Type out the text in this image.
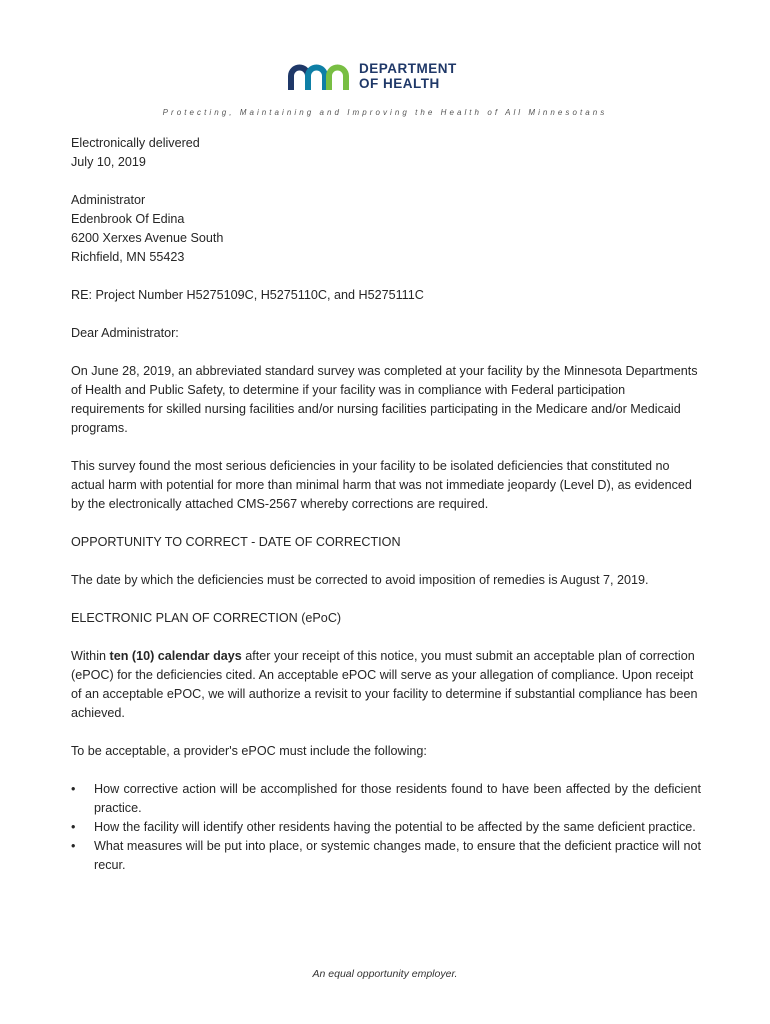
DEPARTMENT
OF HEALTH
Protecting, Maintaining and Improving the Health of All Minnesotans

Electronically delivered

July 10, 2019

Administrator

Edenbrook Of Edina

6200 Xerxes Avenue South

Richfield, MN 55423

RE: Project Number H5275109C, H5275110C, and H5275111C

Dear Administrator:

On June 28, 2019, an abbreviated standard survey was completed at your facility by the Minnesota Departments of Health and Public Safety, to determine if your facility was in compliance with Federal participation requirements for skilled nursing facilities and/or nursing facilities participating in the Medicare and/or Medicaid programs.

This survey found the most serious deficiencies in your facility to be isolated deficiencies that constituted no actual harm with potential for more than minimal harm that was not immediate jeopardy (Level D), as evidenced by the electronically attached CMS-2567 whereby corrections are required.

OPPORTUNITY TO CORRECT - DATE OF CORRECTION

The date by which the deficiencies must be corrected to avoid imposition of remedies is August 7, 2019.

ELECTRONIC PLAN OF CORRECTION (ePoC)

Within ten (10) calendar days after your receipt of this notice, you must submit an acceptable plan of correction (ePOC) for the deficiencies cited. An acceptable ePOC will serve as your allegation of compliance. Upon receipt of an acceptable ePOC, we will authorize a revisit to your facility to determine if substantial compliance has been achieved.

To be acceptable, a provider's ePOC must include the following:

• How corrective action will be accomplished for those residents found to have been affected by the deficient practice.
• How the facility will identify other residents having the potential to be affected by the same deficient practice.
• What measures will be put into place, or systemic changes made, to ensure that the deficient practice will not recur.
An equal opportunity employer.
